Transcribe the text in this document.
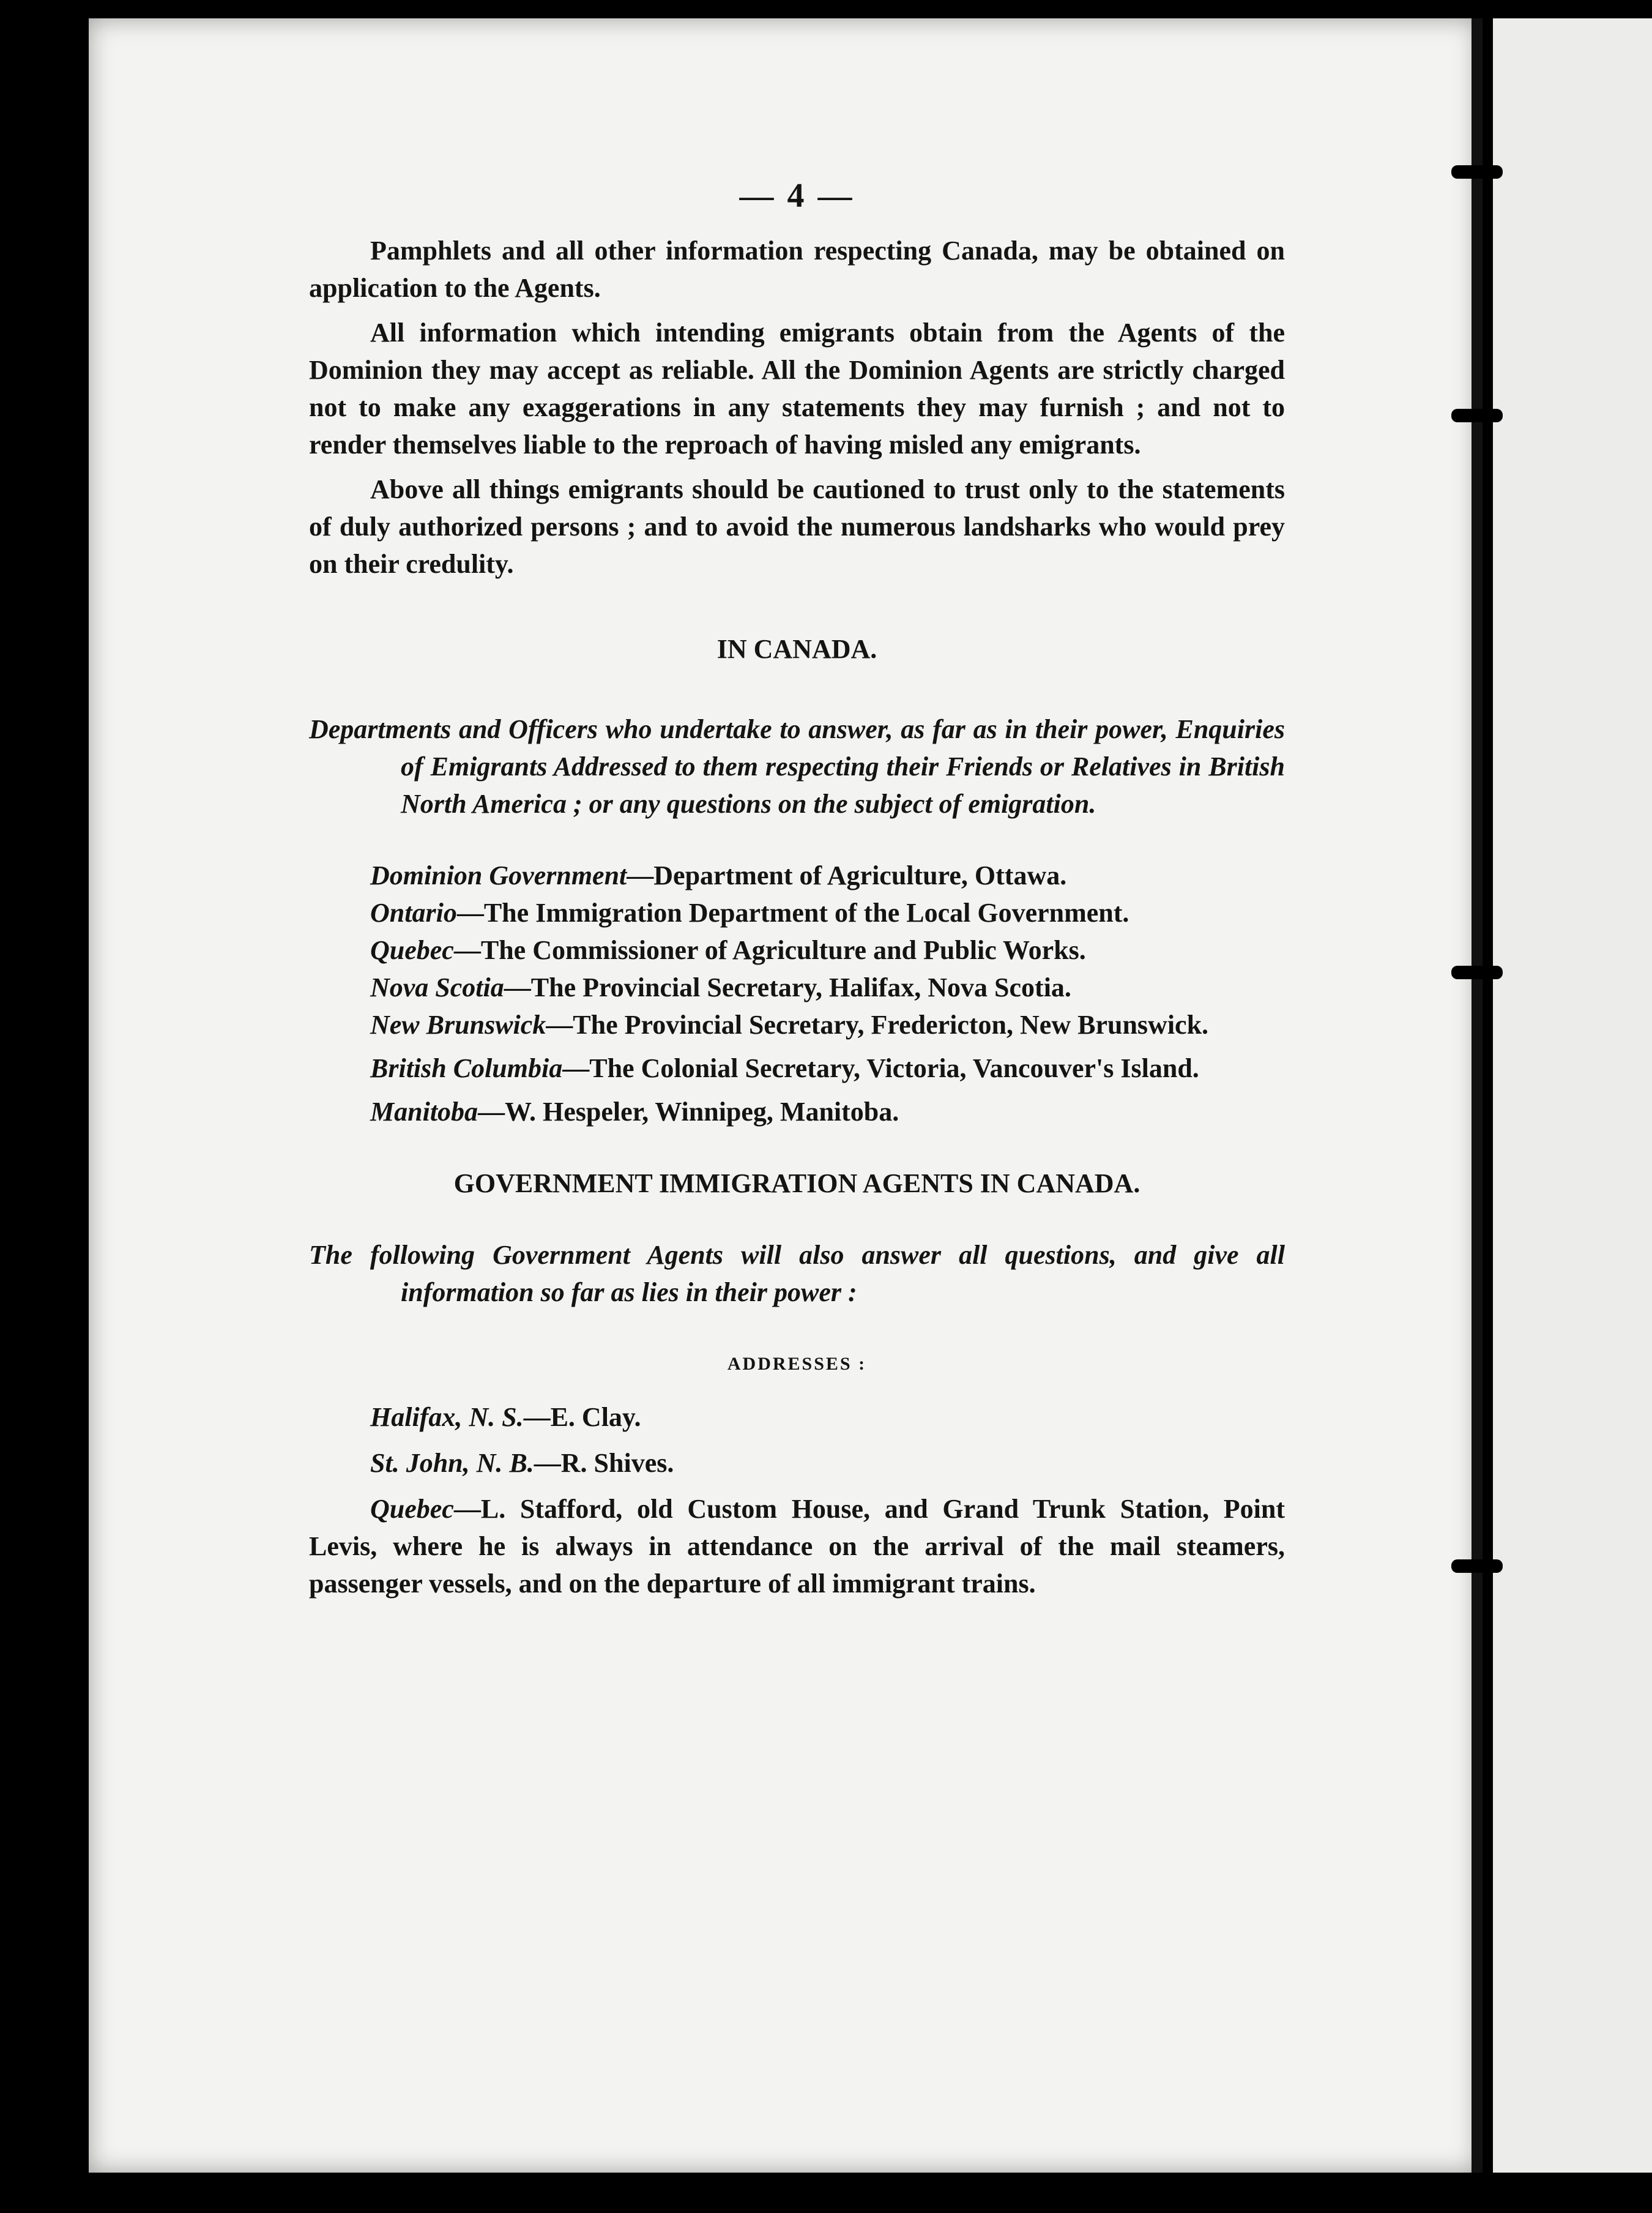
— 4 —

Pamphlets and all other information respecting Canada, may be obtained on application to the Agents.

All information which intending emigrants obtain from the Agents of the Dominion they may accept as reliable. All the Dominion Agents are strictly charged not to make any exaggerations in any statements they may furnish ; and not to render themselves liable to the reproach of having misled any emigrants.

Above all things emigrants should be cautioned to trust only to the statements of duly authorized persons ; and to avoid the numerous landsharks who would prey on their credulity.

IN CANADA.

Departments and Officers who undertake to answer, as far as in their power, Enquiries of Emigrants Addressed to them respecting their Friends or Relatives in British North America ; or any questions on the subject of emigration.

Dominion Government—Department of Agriculture, Ottawa.

Ontario—The Immigration Department of the Local Government.

Quebec—The Commissioner of Agriculture and Public Works.

Nova Scotia—The Provincial Secretary, Halifax, Nova Scotia.

New Brunswick—The Provincial Secretary, Fredericton, New Brunswick.

British Columbia—The Colonial Secretary, Victoria, Vancouver's Island.

Manitoba—W. Hespeler, Winnipeg, Manitoba.

GOVERNMENT IMMIGRATION AGENTS IN CANADA.

The following Government Agents will also answer all questions, and give all information so far as lies in their power :

ADDRESSES :

Halifax, N. S.—E. Clay.

St. John, N. B.—R. Shives.

Quebec—L. Stafford, old Custom House, and Grand Trunk Station, Point Levis, where he is always in attendance on the arrival of the mail steamers, passenger vessels, and on the departure of all immigrant trains.
